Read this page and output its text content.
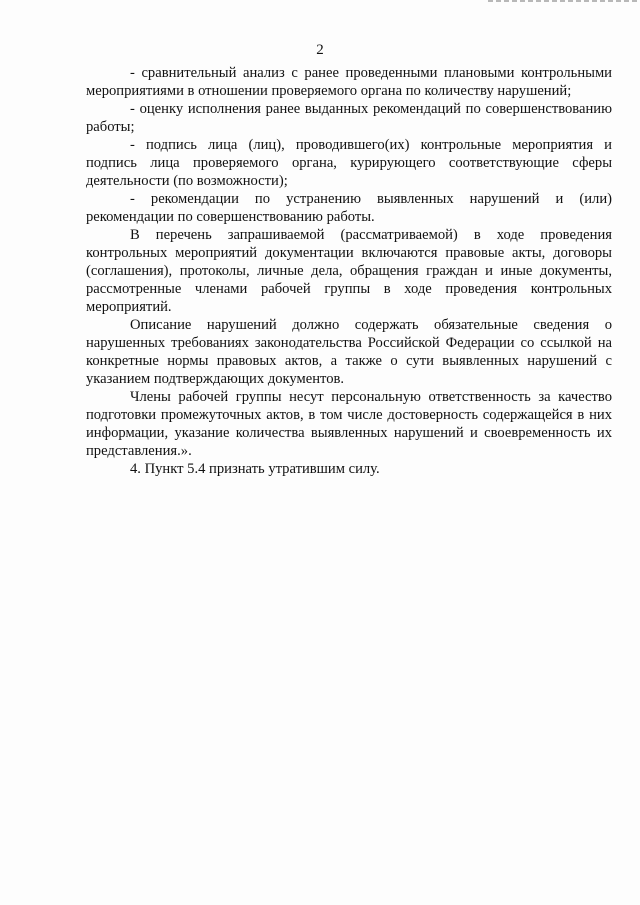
2

- сравнительный анализ с ранее проведенными плановыми контрольными мероприятиями в отношении проверяемого органа по количеству нарушений;

- оценку исполнения ранее выданных рекомендаций по совершенствованию работы;

- подпись лица (лиц), проводившего(их) контрольные мероприятия и подпись лица проверяемого органа, курирующего соответствующие сферы деятельности (по возможности);

- рекомендации по устранению выявленных нарушений и (или) рекомендации по совершенствованию работы.

В перечень запрашиваемой (рассматриваемой) в ходе проведения контрольных мероприятий документации включаются правовые акты, договоры (соглашения), протоколы, личные дела, обращения граждан и иные документы, рассмотренные членами рабочей группы в ходе проведения контрольных мероприятий.

Описание нарушений должно содержать обязательные сведения о нарушенных требованиях законодательства Российской Федерации со ссылкой на конкретные нормы правовых актов, а также о сути выявленных нарушений с указанием подтверждающих документов.

Члены рабочей группы несут персональную ответственность за качество подготовки промежуточных актов, в том числе достоверность содержащейся в них информации, указание количества выявленных нарушений и своевременность их представления.».

4. Пункт 5.4 признать утратившим силу.
